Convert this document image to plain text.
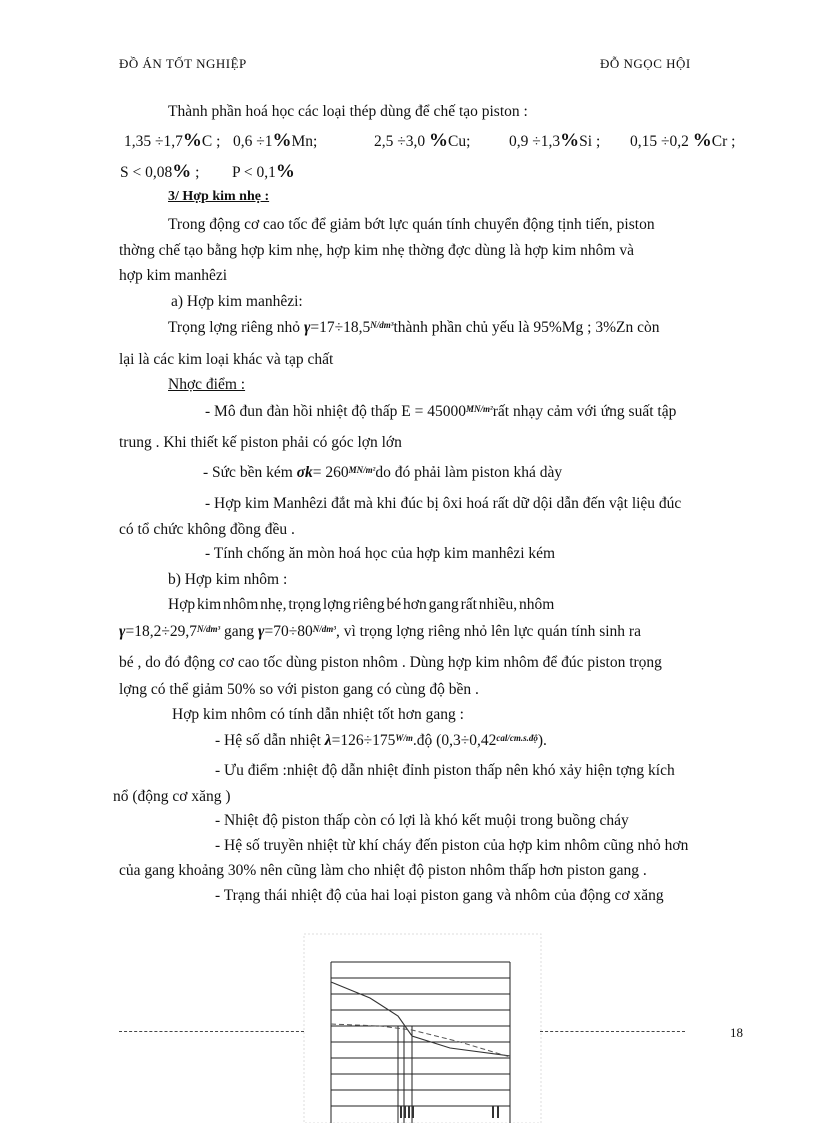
ĐỒ ÁN TỐT NGHIỆP	ĐỖ NGỌC HỘI
Thành phần hoá học các loại thép dùng để chế tạo piston :
1,35 ÷1,7%C ; 0,6 ÷1%Mn;	2,5 ÷3,0 %Cu; 0,9 ÷1,3%Si ; 0,15 ÷0,2 %Cr ;
S < 0,08% ; P < 0,1%
3/ Hợp kim nhẹ :
Trong động cơ cao tốc để giảm bớt lực quán tính chuyển động tịnh tiến, piston
thờng chế tạo bằng hợp kim nhẹ, hợp kim nhẹ thờng đợc dùng là hợp kim nhôm và
hợp kim manhêzi
a) Hợp kim manhêzi:
Trọng lợng riêng nhỏ $\gamma=17\div 18,5^{N/dm^3}thành$ phần chủ yếu là 95%Mg ; 3%Zn còn
lại là các kim loại khác và tạp chất
Nhợc điểm :
- Mô đun đàn hồi nhiệt độ thấp $E = 45000^{MN/m^2}rất$ nhạy cảm với ứng suất tập
trung . Khi thiết kế piston phải có góc lợn lớn
- Sức bền kém $\sigma k= 260^{MN/m^2}do$ đó phải làm piston khá dày
- Hợp kim Manhêzi đắt mà khi đúc bị ôxi hoá rất dữ dội dẫn đến vật liệu đúc
có tổ chức không đồng đều .
- Tính chống ăn mòn hoá học của hợp kim manhêzi kém
b) Hợp kim nhôm :
Hợp kim nhôm nhẹ, trọng lợng riêng bé hơn gang rất nhiều, nhôm
$\gamma=18,2\div 29,7^{N/dm^3}$ gang $\gamma=70\div 80^{N/dm^3}$, vì trọng lợng riêng nhỏ lên lực quán tính sinh ra
bé , do đó động cơ cao tốc dùng piston nhôm . Dùng hợp kim nhôm để đúc piston trọng
lợng có thể giảm 50% so với piston gang có cùng độ bền .
Hợp kim nhôm có tính dẫn nhiệt tốt hơn gang :
- Hệ số dẫn nhiệt $\lambda=126\div 175^{W/m}.độ$ $(0,3\div 0,42^{cal/cm.s.độ})$.
- Ưu điểm :nhiệt độ dẫn nhiệt đỉnh piston thấp nên khó xảy hiện tợng kích
nổ (động cơ xăng )
- Nhiệt độ piston thấp còn có lợi là khó kết muội trong buồng cháy
- Hệ số truyền nhiệt từ khí cháy đến piston của hợp kim nhôm cũng nhỏ hơn
của gang khoảng 30% nên cũng làm cho nhiệt độ piston nhôm thấp hơn piston gang .
- Trạng thái nhiệt độ của hai loại piston gang và nhôm của động cơ xăng
18
